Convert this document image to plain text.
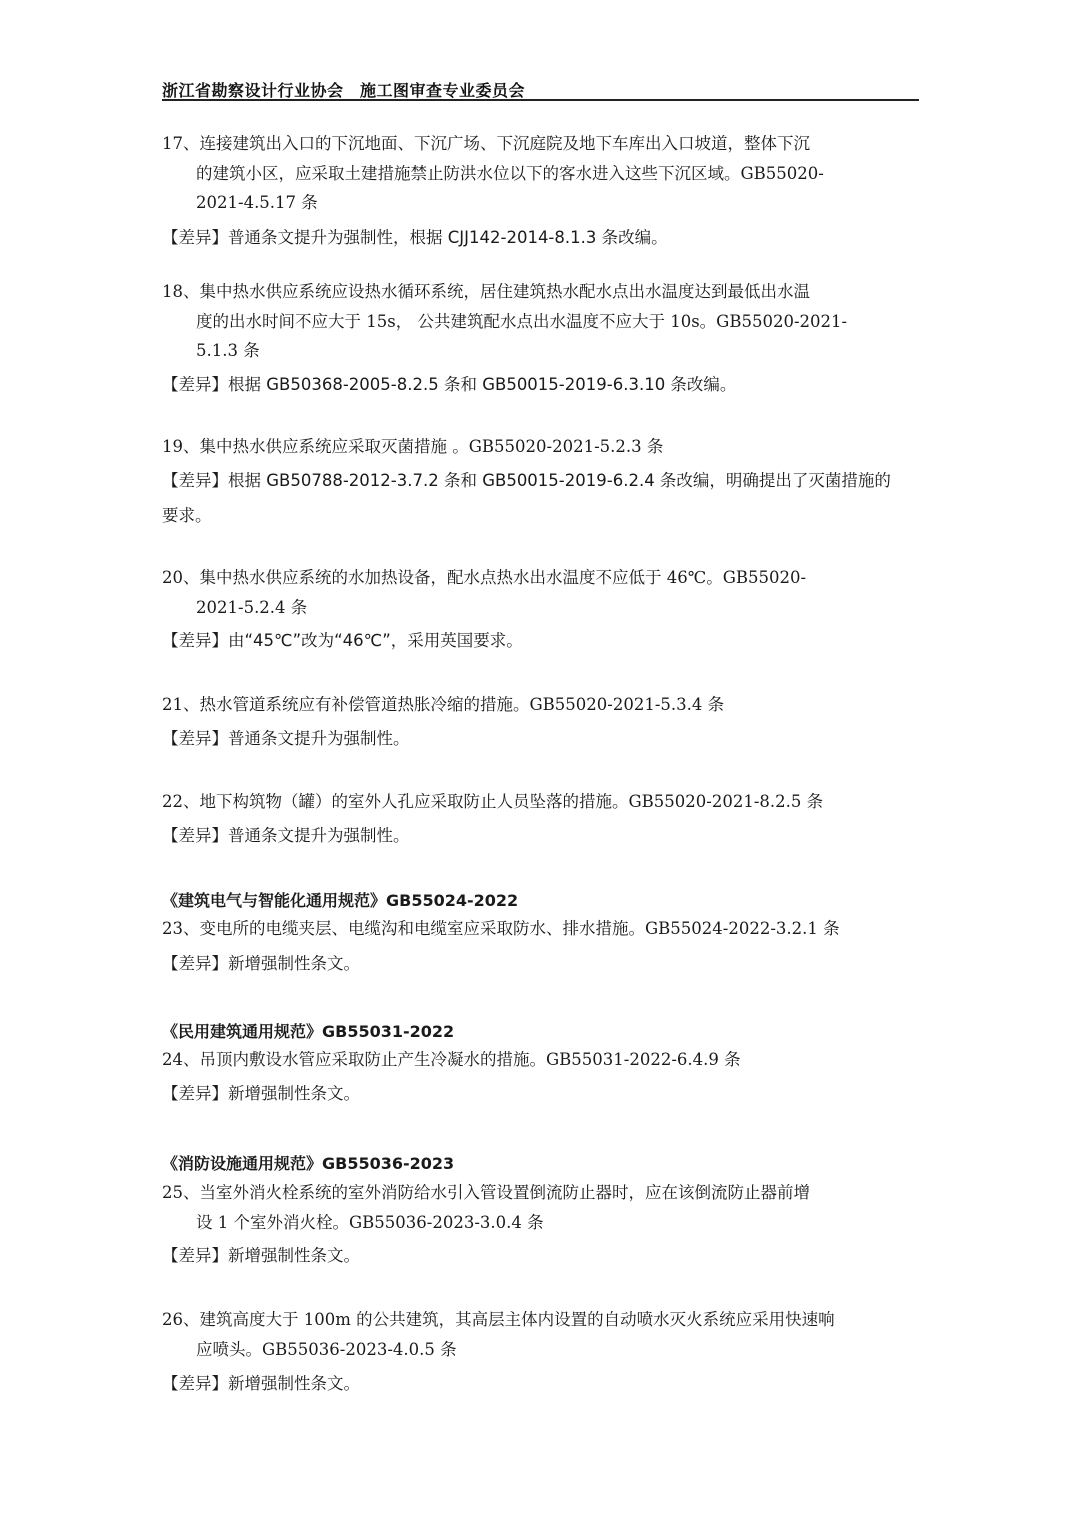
浙江省勘察设计行业协会　施工图审查专业委员会

17、连接建筑出入口的下沉地面、下沉广场、下沉庭院及地下车库出入口坡道，整体下沉

的建筑小区，应采取土建措施禁止防洪水位以下的客水进入这些下沉区域。GB55020-

2021-4.5.17 条

【差异】普通条文提升为强制性，根据 CJJ142-2014-8.1.3 条改编。

18、集中热水供应系统应设热水循环系统，居住建筑热水配水点出水温度达到最低出水温

度的出水时间不应大于 15s， 公共建筑配水点出水温度不应大于 10s。GB55020-2021-

5.1.3 条

【差异】根据 GB50368-2005-8.2.5 条和 GB50015-2019-6.3.10 条改编。

19、集中热水供应系统应采取灭菌措施 。GB55020-2021-5.2.3 条

【差异】根据 GB50788-2012-3.7.2 条和 GB50015-2019-6.2.4 条改编，明确提出了灭菌措施的

要求。

20、集中热水供应系统的水加热设备，配水点热水出水温度不应低于 46℃。GB55020-

2021-5.2.4 条

【差异】由“45℃”改为“46℃”，采用英国要求。

21、热水管道系统应有补偿管道热胀冷缩的措施。GB55020-2021-5.3.4 条

【差异】普通条文提升为强制性。

22、地下构筑物（罐）的室外人孔应采取防止人员坠落的措施。GB55020-2021-8.2.5 条

【差异】普通条文提升为强制性。

《建筑电气与智能化通用规范》GB55024-2022

23、变电所的电缆夹层、电缆沟和电缆室应采取防水、排水措施。GB55024-2022-3.2.1 条

【差异】新增强制性条文。

《民用建筑通用规范》GB55031-2022

24、吊顶内敷设水管应采取防止产生冷凝水的措施。GB55031-2022-6.4.9 条

【差异】新增强制性条文。

《消防设施通用规范》GB55036-2023

25、当室外消火栓系统的室外消防给水引入管设置倒流防止器时，应在该倒流防止器前增

设 1 个室外消火栓。GB55036-2023-3.0.4 条

【差异】新增强制性条文。

26、建筑高度大于 100m 的公共建筑，其高层主体内设置的自动喷水灭火系统应采用快速响

应喷头。GB55036-2023-4.0.5 条

【差异】新增强制性条文。
